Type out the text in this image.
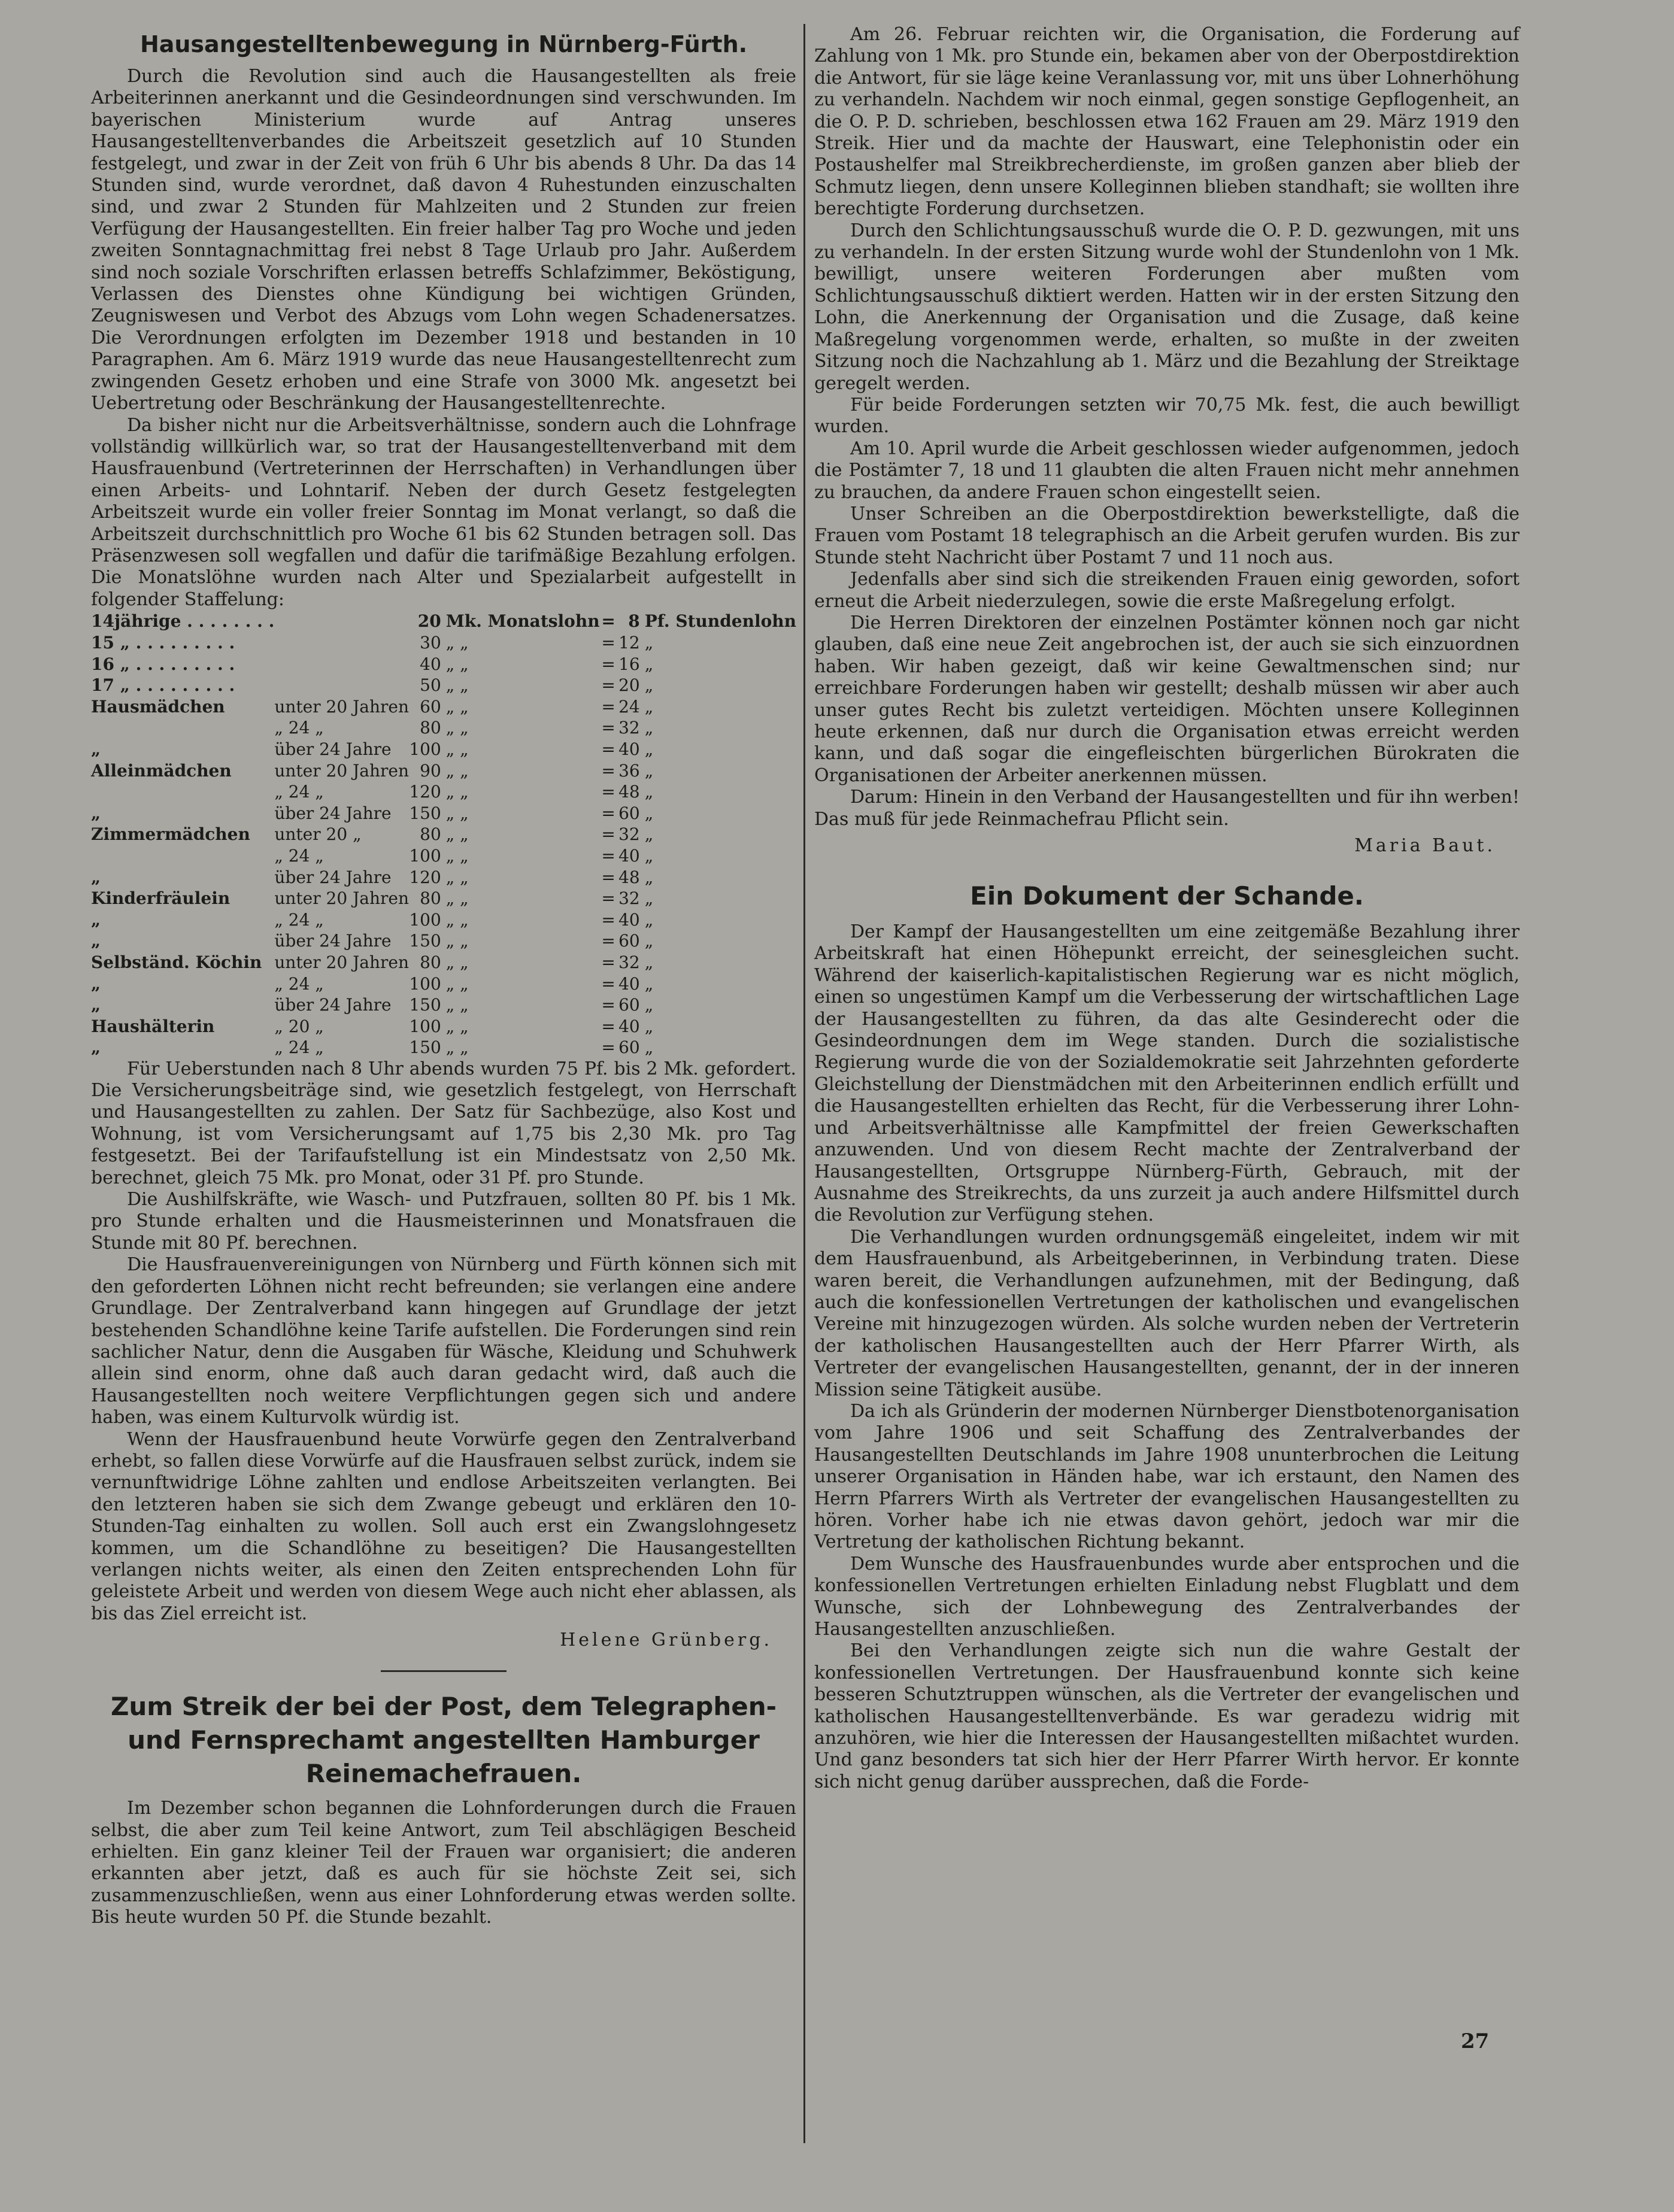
Hausangestelltenbewegung in Nürnberg-Fürth.

Durch die Revolution sind auch die Hausangestellten als freie Arbeiterinnen anerkannt und die Gesindeordnungen sind verschwunden. Im bayerischen Ministerium wurde auf Antrag unseres Hausangestelltenverbandes die Arbeitszeit gesetzlich auf 10 Stunden festgelegt, und zwar in der Zeit von früh 6 Uhr bis abends 8 Uhr. Da das 14 Stunden sind, wurde verordnet, daß davon 4 Ruhestunden einzuschalten sind, und zwar 2 Stunden für Mahlzeiten und 2 Stunden zur freien Verfügung der Hausangestellten. Ein freier halber Tag pro Woche und jeden zweiten Sonntagnachmittag frei nebst 8 Tage Urlaub pro Jahr. Außerdem sind noch soziale Vorschriften erlassen betreffs Schlafzimmer, Beköstigung, Verlassen des Dienstes ohne Kündigung bei wichtigen Gründen, Zeugniswesen und Verbot des Abzugs vom Lohn wegen Schadenersatzes. Die Verordnungen erfolgten im Dezember 1918 und bestanden in 10 Paragraphen. Am 6. März 1919 wurde das neue Hausangestelltenrecht zum zwingenden Gesetz erhoben und eine Strafe von 3000 Mk. angesetzt bei Uebertretung oder Beschränkung der Hausangestelltenrechte.

Da bisher nicht nur die Arbeitsverhältnisse, sondern auch die Lohnfrage vollständig willkürlich war, so trat der Hausangestelltenverband mit dem Hausfrauenbund (Vertreterinnen der Herrschaften) in Verhandlungen über einen Arbeits- und Lohntarif. Neben der durch Gesetz festgelegten Arbeitszeit wurde ein voller freier Sonntag im Monat verlangt, so daß die Arbeitszeit durchschnittlich pro Woche 61 bis 62 Stunden betragen soll. Das Präsenzwesen soll wegfallen und dafür die tarifmäßige Bezahlung erfolgen. Die Monatslöhne wurden nach Alter und Spezialarbeit aufgestellt in folgender Staffelung:

14jährige . . . . . . . .		20	Mk. Monatslohn	=	8	Pf. Stundenlohn
15 „ . . . . . . . . .		30	„ „	=	12	„
16 „ . . . . . . . . .		40	„ „	=	16	„
17 „ . . . . . . . . .		50	„ „	=	20	„
Hausmädchen	unter 20 Jahren	60	„ „	=	24	„
	„ 24 „	80	„ „	=	32	„
„	über 24 Jahre	100	„ „	=	40	„
Alleinmädchen	unter 20 Jahren	90	„ „	=	36	„
	„ 24 „	120	„ „	=	48	„
„	über 24 Jahre	150	„ „	=	60	„
Zimmermädchen	unter 20 „	80	„ „	=	32	„
	„ 24 „	100	„ „	=	40	„
„	über 24 Jahre	120	„ „	=	48	„
Kinderfräulein	unter 20 Jahren	80	„ „	=	32	„
„	„ 24 „	100	„ „	=	40	„
„	über 24 Jahre	150	„ „	=	60	„
Selbständ. Köchin	unter 20 Jahren	80	„ „	=	32	„
„	„ 24 „	100	„ „	=	40	„
„	über 24 Jahre	150	„ „	=	60	„
Haushälterin	„ 20 „	100	„ „	=	40	„
„	„ 24 „	150	„ „	=	60	„

Für Ueberstunden nach 8 Uhr abends wurden 75 Pf. bis 2 Mk. gefordert. Die Versicherungsbeiträge sind, wie gesetzlich festgelegt, von Herrschaft und Hausangestellten zu zahlen. Der Satz für Sachbezüge, also Kost und Wohnung, ist vom Versicherungsamt auf 1,75 bis 2,30 Mk. pro Tag festgesetzt. Bei der Tarifaufstellung ist ein Mindestsatz von 2,50 Mk. berechnet, gleich 75 Mk. pro Monat, oder 31 Pf. pro Stunde.

Die Aushilfskräfte, wie Wasch- und Putzfrauen, sollten 80 Pf. bis 1 Mk. pro Stunde erhalten und die Hausmeisterinnen und Monatsfrauen die Stunde mit 80 Pf. berechnen.

Die Hausfrauenvereinigungen von Nürnberg und Fürth können sich mit den geforderten Löhnen nicht recht befreunden; sie verlangen eine andere Grundlage. Der Zentralverband kann hingegen auf Grundlage der jetzt bestehenden Schandlöhne keine Tarife aufstellen. Die Forderungen sind rein sachlicher Natur, denn die Ausgaben für Wäsche, Kleidung und Schuhwerk allein sind enorm, ohne daß auch daran gedacht wird, daß auch die Hausangestellten noch weitere Verpflichtungen gegen sich und andere haben, was einem Kulturvolk würdig ist.

Wenn der Hausfrauenbund heute Vorwürfe gegen den Zentralverband erhebt, so fallen diese Vorwürfe auf die Hausfrauen selbst zurück, indem sie vernunftwidrige Löhne zahlten und endlose Arbeitszeiten verlangten. Bei den letzteren haben sie sich dem Zwange gebeugt und erklären den 10-Stunden-Tag einhalten zu wollen. Soll auch erst ein Zwangslohngesetz kommen, um die Schandlöhne zu beseitigen? Die Hausangestellten verlangen nichts weiter, als einen den Zeiten entsprechenden Lohn für geleistete Arbeit und werden von diesem Wege auch nicht eher ablassen, als bis das Ziel erreicht ist.

Helene Grünberg.
Zum Streik der bei der Post, dem Telegraphen- und Fernsprechamt angestellten Hamburger Reinemachefrauen.

Im Dezember schon begannen die Lohnforderungen durch die Frauen selbst, die aber zum Teil keine Antwort, zum Teil abschlägigen Bescheid erhielten. Ein ganz kleiner Teil der Frauen war organisiert; die anderen erkannten aber jetzt, daß es auch für sie höchste Zeit sei, sich zusammenzuschließen, wenn aus einer Lohnforderung etwas werden sollte. Bis heute wurden 50 Pf. die Stunde bezahlt.

Am 26. Februar reichten wir, die Organisation, die Forderung auf Zahlung von 1 Mk. pro Stunde ein, bekamen aber von der Oberpostdirektion die Antwort, für sie läge keine Veranlassung vor, mit uns über Lohnerhöhung zu verhandeln. Nachdem wir noch einmal, gegen sonstige Gepflogenheit, an die O. P. D. schrieben, beschlossen etwa 162 Frauen am 29. März 1919 den Streik. Hier und da machte der Hauswart, eine Telephonistin oder ein Postaushelfer mal Streikbrecherdienste, im großen ganzen aber blieb der Schmutz liegen, denn unsere Kolleginnen blieben standhaft; sie wollten ihre berechtigte Forderung durchsetzen.

Durch den Schlichtungsausschuß wurde die O. P. D. gezwungen, mit uns zu verhandeln. In der ersten Sitzung wurde wohl der Stundenlohn von 1 Mk. bewilligt, unsere weiteren Forderungen aber mußten vom Schlichtungsausschuß diktiert werden. Hatten wir in der ersten Sitzung den Lohn, die Anerkennung der Organisation und die Zusage, daß keine Maßregelung vorgenommen werde, erhalten, so mußte in der zweiten Sitzung noch die Nachzahlung ab 1. März und die Bezahlung der Streiktage geregelt werden.

Für beide Forderungen setzten wir 70,75 Mk. fest, die auch bewilligt wurden.

Am 10. April wurde die Arbeit geschlossen wieder aufgenommen, jedoch die Postämter 7, 18 und 11 glaubten die alten Frauen nicht mehr annehmen zu brauchen, da andere Frauen schon eingestellt seien.

Unser Schreiben an die Oberpostdirektion bewerkstelligte, daß die Frauen vom Postamt 18 telegraphisch an die Arbeit gerufen wurden. Bis zur Stunde steht Nachricht über Postamt 7 und 11 noch aus.

Jedenfalls aber sind sich die streikenden Frauen einig geworden, sofort erneut die Arbeit niederzulegen, sowie die erste Maßregelung erfolgt.

Die Herren Direktoren der einzelnen Postämter können noch gar nicht glauben, daß eine neue Zeit angebrochen ist, der auch sie sich einzuordnen haben. Wir haben gezeigt, daß wir keine Gewaltmenschen sind; nur erreichbare Forderungen haben wir gestellt; deshalb müssen wir aber auch unser gutes Recht bis zuletzt verteidigen. Möchten unsere Kolleginnen heute erkennen, daß nur durch die Organisation etwas erreicht werden kann, und daß sogar die eingefleischten bürgerlichen Bürokraten die Organisationen der Arbeiter anerkennen müssen.

Darum: Hinein in den Verband der Hausangestellten und für ihn werben! Das muß für jede Reinmachefrau Pflicht sein.

Maria Baut.
Ein Dokument der Schande.

Der Kampf der Hausangestellten um eine zeitgemäße Bezahlung ihrer Arbeitskraft hat einen Höhepunkt erreicht, der seinesgleichen sucht. Während der kaiserlich-kapitalistischen Regierung war es nicht möglich, einen so ungestümen Kampf um die Verbesserung der wirtschaftlichen Lage der Hausangestellten zu führen, da das alte Gesinderecht oder die Gesindeordnungen dem im Wege standen. Durch die sozialistische Regierung wurde die von der Sozialdemokratie seit Jahrzehnten geforderte Gleichstellung der Dienstmädchen mit den Arbeiterinnen endlich erfüllt und die Hausangestellten erhielten das Recht, für die Verbesserung ihrer Lohn- und Arbeitsverhältnisse alle Kampfmittel der freien Gewerkschaften anzuwenden. Und von diesem Recht machte der Zentralverband der Hausangestellten, Ortsgruppe Nürnberg-Fürth, Gebrauch, mit der Ausnahme des Streikrechts, da uns zurzeit ja auch andere Hilfsmittel durch die Revolution zur Verfügung stehen.

Die Verhandlungen wurden ordnungsgemäß eingeleitet, indem wir mit dem Hausfrauenbund, als Arbeitgeberinnen, in Verbindung traten. Diese waren bereit, die Verhandlungen aufzunehmen, mit der Bedingung, daß auch die konfessionellen Vertretungen der katholischen und evangelischen Vereine mit hinzugezogen würden. Als solche wurden neben der Vertreterin der katholischen Hausangestellten auch der Herr Pfarrer Wirth, als Vertreter der evangelischen Hausangestellten, genannt, der in der inneren Mission seine Tätigkeit ausübe.

Da ich als Gründerin der modernen Nürnberger Dienstbotenorganisation vom Jahre 1906 und seit Schaffung des Zentralverbandes der Hausangestellten Deutschlands im Jahre 1908 ununterbrochen die Leitung unserer Organisation in Händen habe, war ich erstaunt, den Namen des Herrn Pfarrers Wirth als Vertreter der evangelischen Hausangestellten zu hören. Vorher habe ich nie etwas davon gehört, jedoch war mir die Vertretung der katholischen Richtung bekannt.

Dem Wunsche des Hausfrauenbundes wurde aber entsprochen und die konfessionellen Vertretungen erhielten Einladung nebst Flugblatt und dem Wunsche, sich der Lohnbewegung des Zentralverbandes der Hausangestellten anzuschließen.

Bei den Verhandlungen zeigte sich nun die wahre Gestalt der konfessionellen Vertretungen. Der Hausfrauenbund konnte sich keine besseren Schutztruppen wünschen, als die Vertreter der evangelischen und katholischen Hausangestelltenverbände. Es war geradezu widrig mit anzuhören, wie hier die Interessen der Hausangestellten mißachtet wurden. Und ganz besonders tat sich hier der Herr Pfarrer Wirth hervor. Er konnte sich nicht genug darüber aussprechen, daß die Forde-

27
